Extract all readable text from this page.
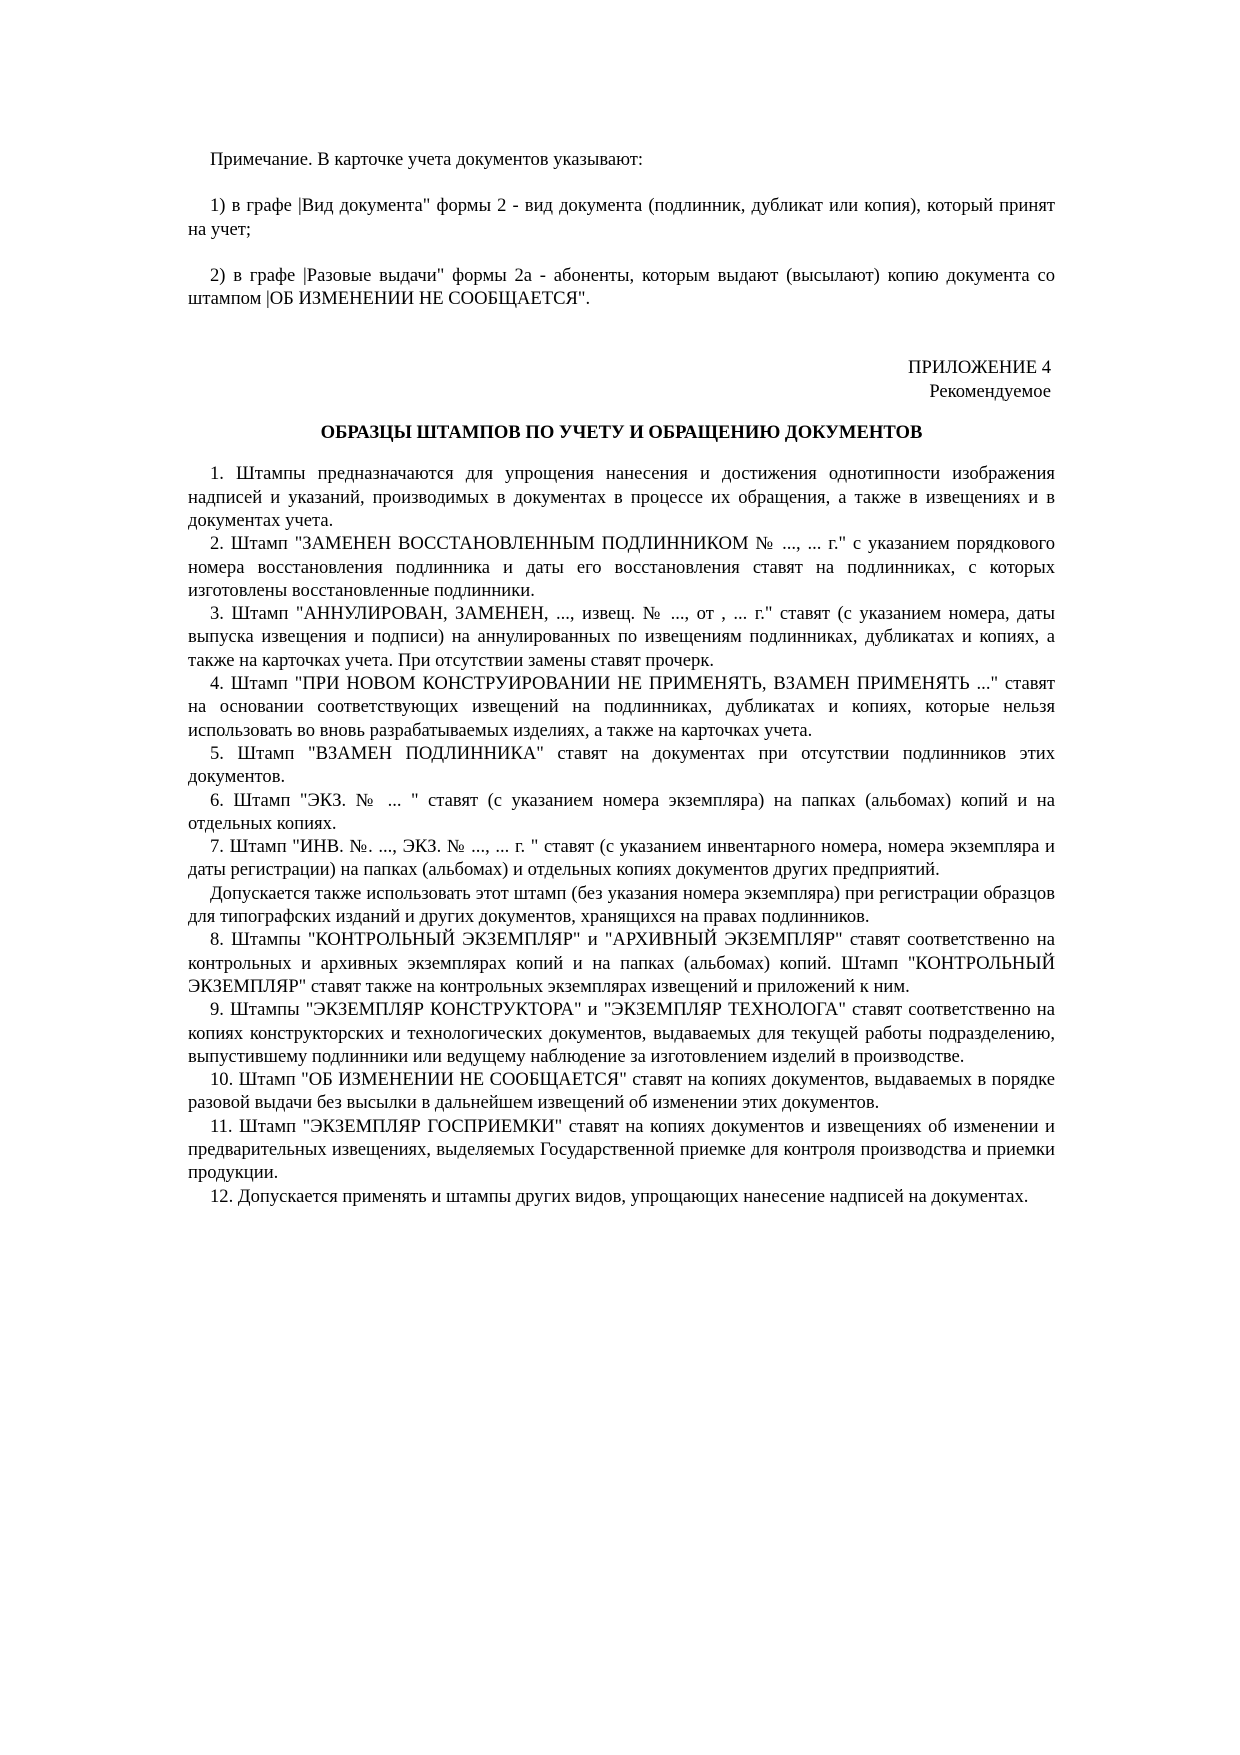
Примечание. В карточке учета документов указывают:

1) в графе |Вид документа" формы 2 - вид документа (подлинник, дубликат или копия), который принят на учет;

2) в графе |Разовые выдачи" формы 2а - абоненты, которым выдают (высылают) копию документа со штампом |ОБ ИЗМЕНЕНИИ НЕ СООБЩАЕТСЯ".

ПРИЛОЖЕНИЕ 4
Рекомендуемое

ОБРАЗЦЫ ШТАМПОВ ПО УЧЕТУ И ОБРАЩЕНИЮ ДОКУМЕНТОВ

1. Штампы предназначаются для упрощения нанесения и достижения однотипности изображения надписей и указаний, производимых в документах в процессе их обращения, а также в извещениях и в документах учета.

2. Штамп "ЗАМЕНЕН ВОССТАНОВЛЕННЫМ ПОДЛИННИКОМ № ..., ... г." с указанием порядкового номера восстановления подлинника и даты его восстановления ставят на подлинниках, с которых изготовлены восстановленные подлинники.

3. Штамп "АННУЛИРОВАН, ЗАМЕНЕН, ..., извещ. № ..., от , ... г." ставят (с указанием номера, даты выпуска извещения и подписи) на аннулированных по извещениям подлинниках, дубликатах и копиях, а также на карточках учета. При отсутствии замены ставят прочерк.

4. Штамп "ПРИ НОВОМ КОНСТРУИРОВАНИИ НЕ ПРИМЕНЯТЬ, ВЗАМЕН ПРИМЕНЯТЬ ..." ставят на основании соответствующих извещений на подлинниках, дубликатах и копиях, которые нельзя использовать во вновь разрабатываемых изделиях, а также на карточках учета.

5. Штамп "ВЗАМЕН ПОДЛИННИКА" ставят на документах при отсутствии подлинников этих документов.

6. Штамп "ЭКЗ. № ... " ставят (с указанием номера экземпляра) на папках (альбомах) копий и на отдельных копиях.

7. Штамп "ИНВ. №. ..., ЭКЗ. № ..., ... г. " ставят (с указанием инвентарного номера, номера экземпляра и даты регистрации) на папках (альбомах) и отдельных копиях документов других предприятий.

Допускается также использовать этот штамп (без указания номера экземпляра) при регистрации образцов для типографских изданий и других документов, хранящихся на правах подлинников.

8. Штампы "КОНТРОЛЬНЫЙ ЭКЗЕМПЛЯР" и "АРХИВНЫЙ ЭКЗЕМПЛЯР" ставят соответственно на контрольных и архивных экземплярах копий и на папках (альбомах) копий. Штамп "КОНТРОЛЬНЫЙ ЭКЗЕМПЛЯР" ставят также на контрольных экземплярах извещений и приложений к ним.

9. Штампы "ЭКЗЕМПЛЯР КОНСТРУКТОРА" и "ЭКЗЕМПЛЯР ТЕХНОЛОГА" ставят соответственно на копиях конструкторских и технологических документов, выдаваемых для текущей работы подразделению, выпустившему подлинники или ведущему наблюдение за изготовлением изделий в производстве.

10. Штамп "ОБ ИЗМЕНЕНИИ НЕ СООБЩАЕТСЯ" ставят на копиях документов, выдаваемых в порядке разовой выдачи без высылки в дальнейшем извещений об изменении этих документов.

11. Штамп "ЭКЗЕМПЛЯР ГОСПРИЕМКИ" ставят на копиях документов и извещениях об изменении и предварительных извещениях, выделяемых Государственной приемке для контроля производства и приемки продукции.

12. Допускается применять и штампы других видов, упрощающих нанесение надписей на документах.
